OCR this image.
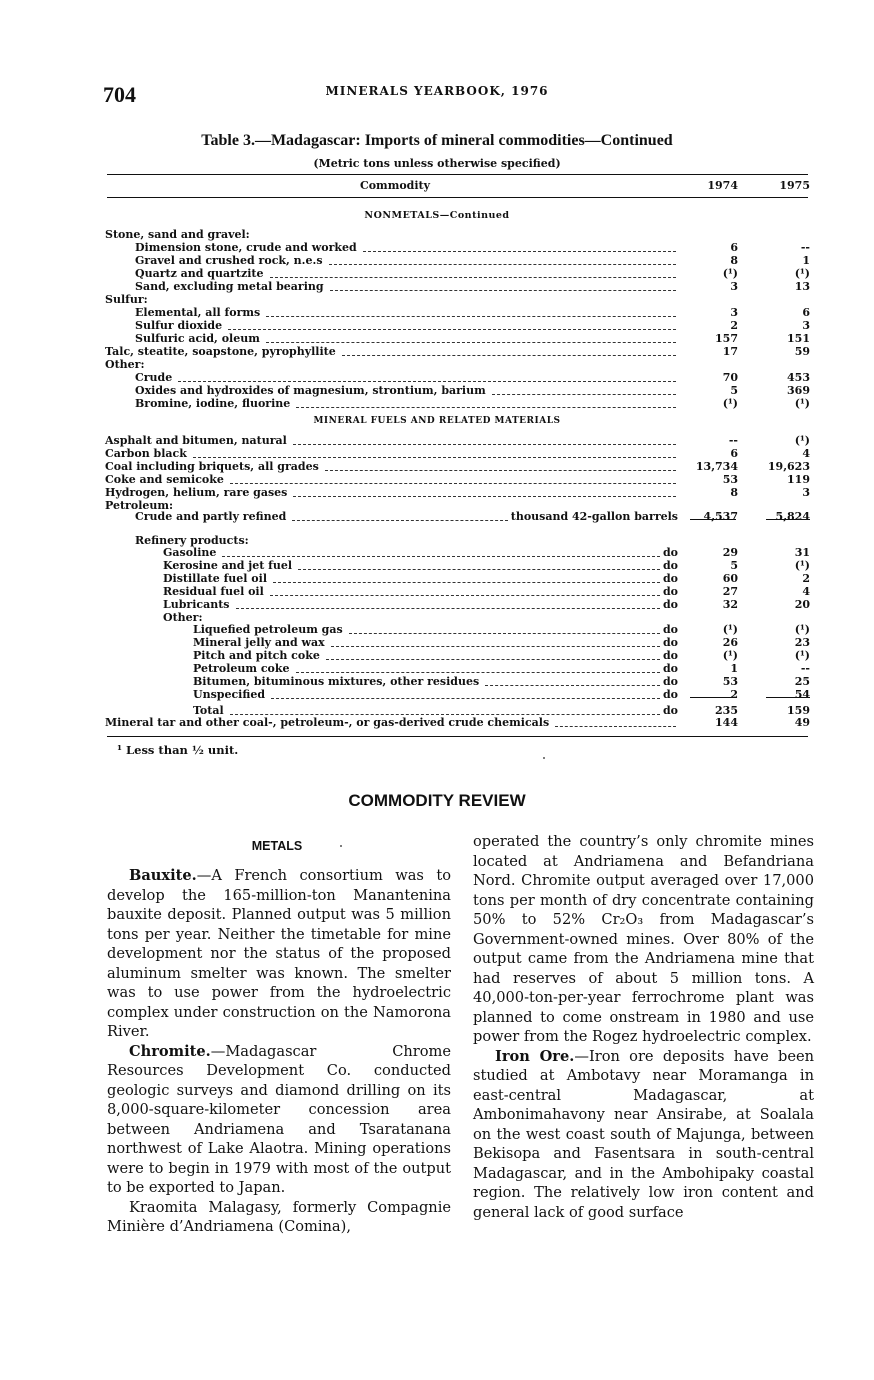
704	MINERALS YEARBOOK, 1976
Table 3.—Madagascar: Imports of mineral commodities—Continued
(Metric tons unless otherwise specified)
Commodity	1974	1975
NONMETALS—Continued
MINERAL FUELS AND RELATED MATERIALS
Stone, sand and gravel:
Dimension stone, crude and worked	6	--
Gravel and crushed rock, n.e.s	8	1
Quartz and quartzite	(¹)	(¹)
Sand, excluding metal bearing	3	13
Sulfur:
Elemental, all forms	3	6
Sulfur dioxide	2	3
Sulfuric acid, oleum	157	151
Talc, steatite, soapstone, pyrophyllite	17	59
Other:
Crude	70	453
Oxides and hydroxides of magnesium, strontium, barium	5	369
Bromine, iodine, fluorine	(¹)	(¹)
Asphalt and bitumen, natural	--	(¹)
Carbon black	6	4
Coal including briquets, all grades	13,734	19,623
Coke and semicoke	53	119
Hydrogen, helium, rare gases	8	3
Petroleum:
Crude and partly refined	thousand 42-gallon barrels	4,537	5,824
Refinery products:
Gasoline	do	29	31
Kerosine and jet fuel	do	5	(¹)
Distillate fuel oil	do	60	2
Residual fuel oil	do	27	4
Lubricants	do	32	20
Other:
Liquefied petroleum gas	do	(¹)	(¹)
Mineral jelly and wax	do	26	23
Pitch and pitch coke	do	(¹)	(¹)
Petroleum coke	do	1	--
Bitumen, bituminous mixtures, other residues	do	53	25
Unspecified	do	2	54
Total	do	235	159
Mineral tar and other coal-, petroleum-, or gas-derived crude chemicals	144	49
¹ Less than ½ unit.
COMMODITY REVIEW
METALS

Bauxite.—A French consortium was to develop the 165-million-ton Manantenina bauxite deposit. Planned output was 5 million tons per year. Neither the timetable for mine development nor the status of the proposed aluminum smelter was known. The smelter was to use power from the hydroelectric complex under construction on the Namorona River.

Chromite.—Madagascar Chrome Resources Development Co. conducted geologic surveys and diamond drilling on its 8,000-square-kilometer concession area between Andriamena and Tsaratanana northwest of Lake Alaotra. Mining operations were to begin in 1979 with most of the output to be exported to Japan.

Kraomita Malagasy, formerly Compagnie Minière d’Andriamena (Comina),

operated the country’s only chromite mines located at Andriamena and Befandriana Nord. Chromite output averaged over 17,000 tons per month of dry concentrate containing 50% to 52% Cr₂O₃ from Madagascar’s Government-owned mines. Over 80% of the output came from the Andriamena mine that had reserves of about 5 million tons. A 40,000-ton-per-year ferrochrome plant was planned to come onstream in 1980 and use power from the Rogez hydroelectric complex.

Iron Ore.—Iron ore deposits have been studied at Ambotavy near Moramanga in east-central Madagascar, at Ambonimahavony near Ansirabe, at Soalala on the west coast south of Majunga, between Bekisopa and Fasentsara in south-central Madagascar, and in the Ambohipaky coastal region. The relatively low iron content and general lack of good surface
